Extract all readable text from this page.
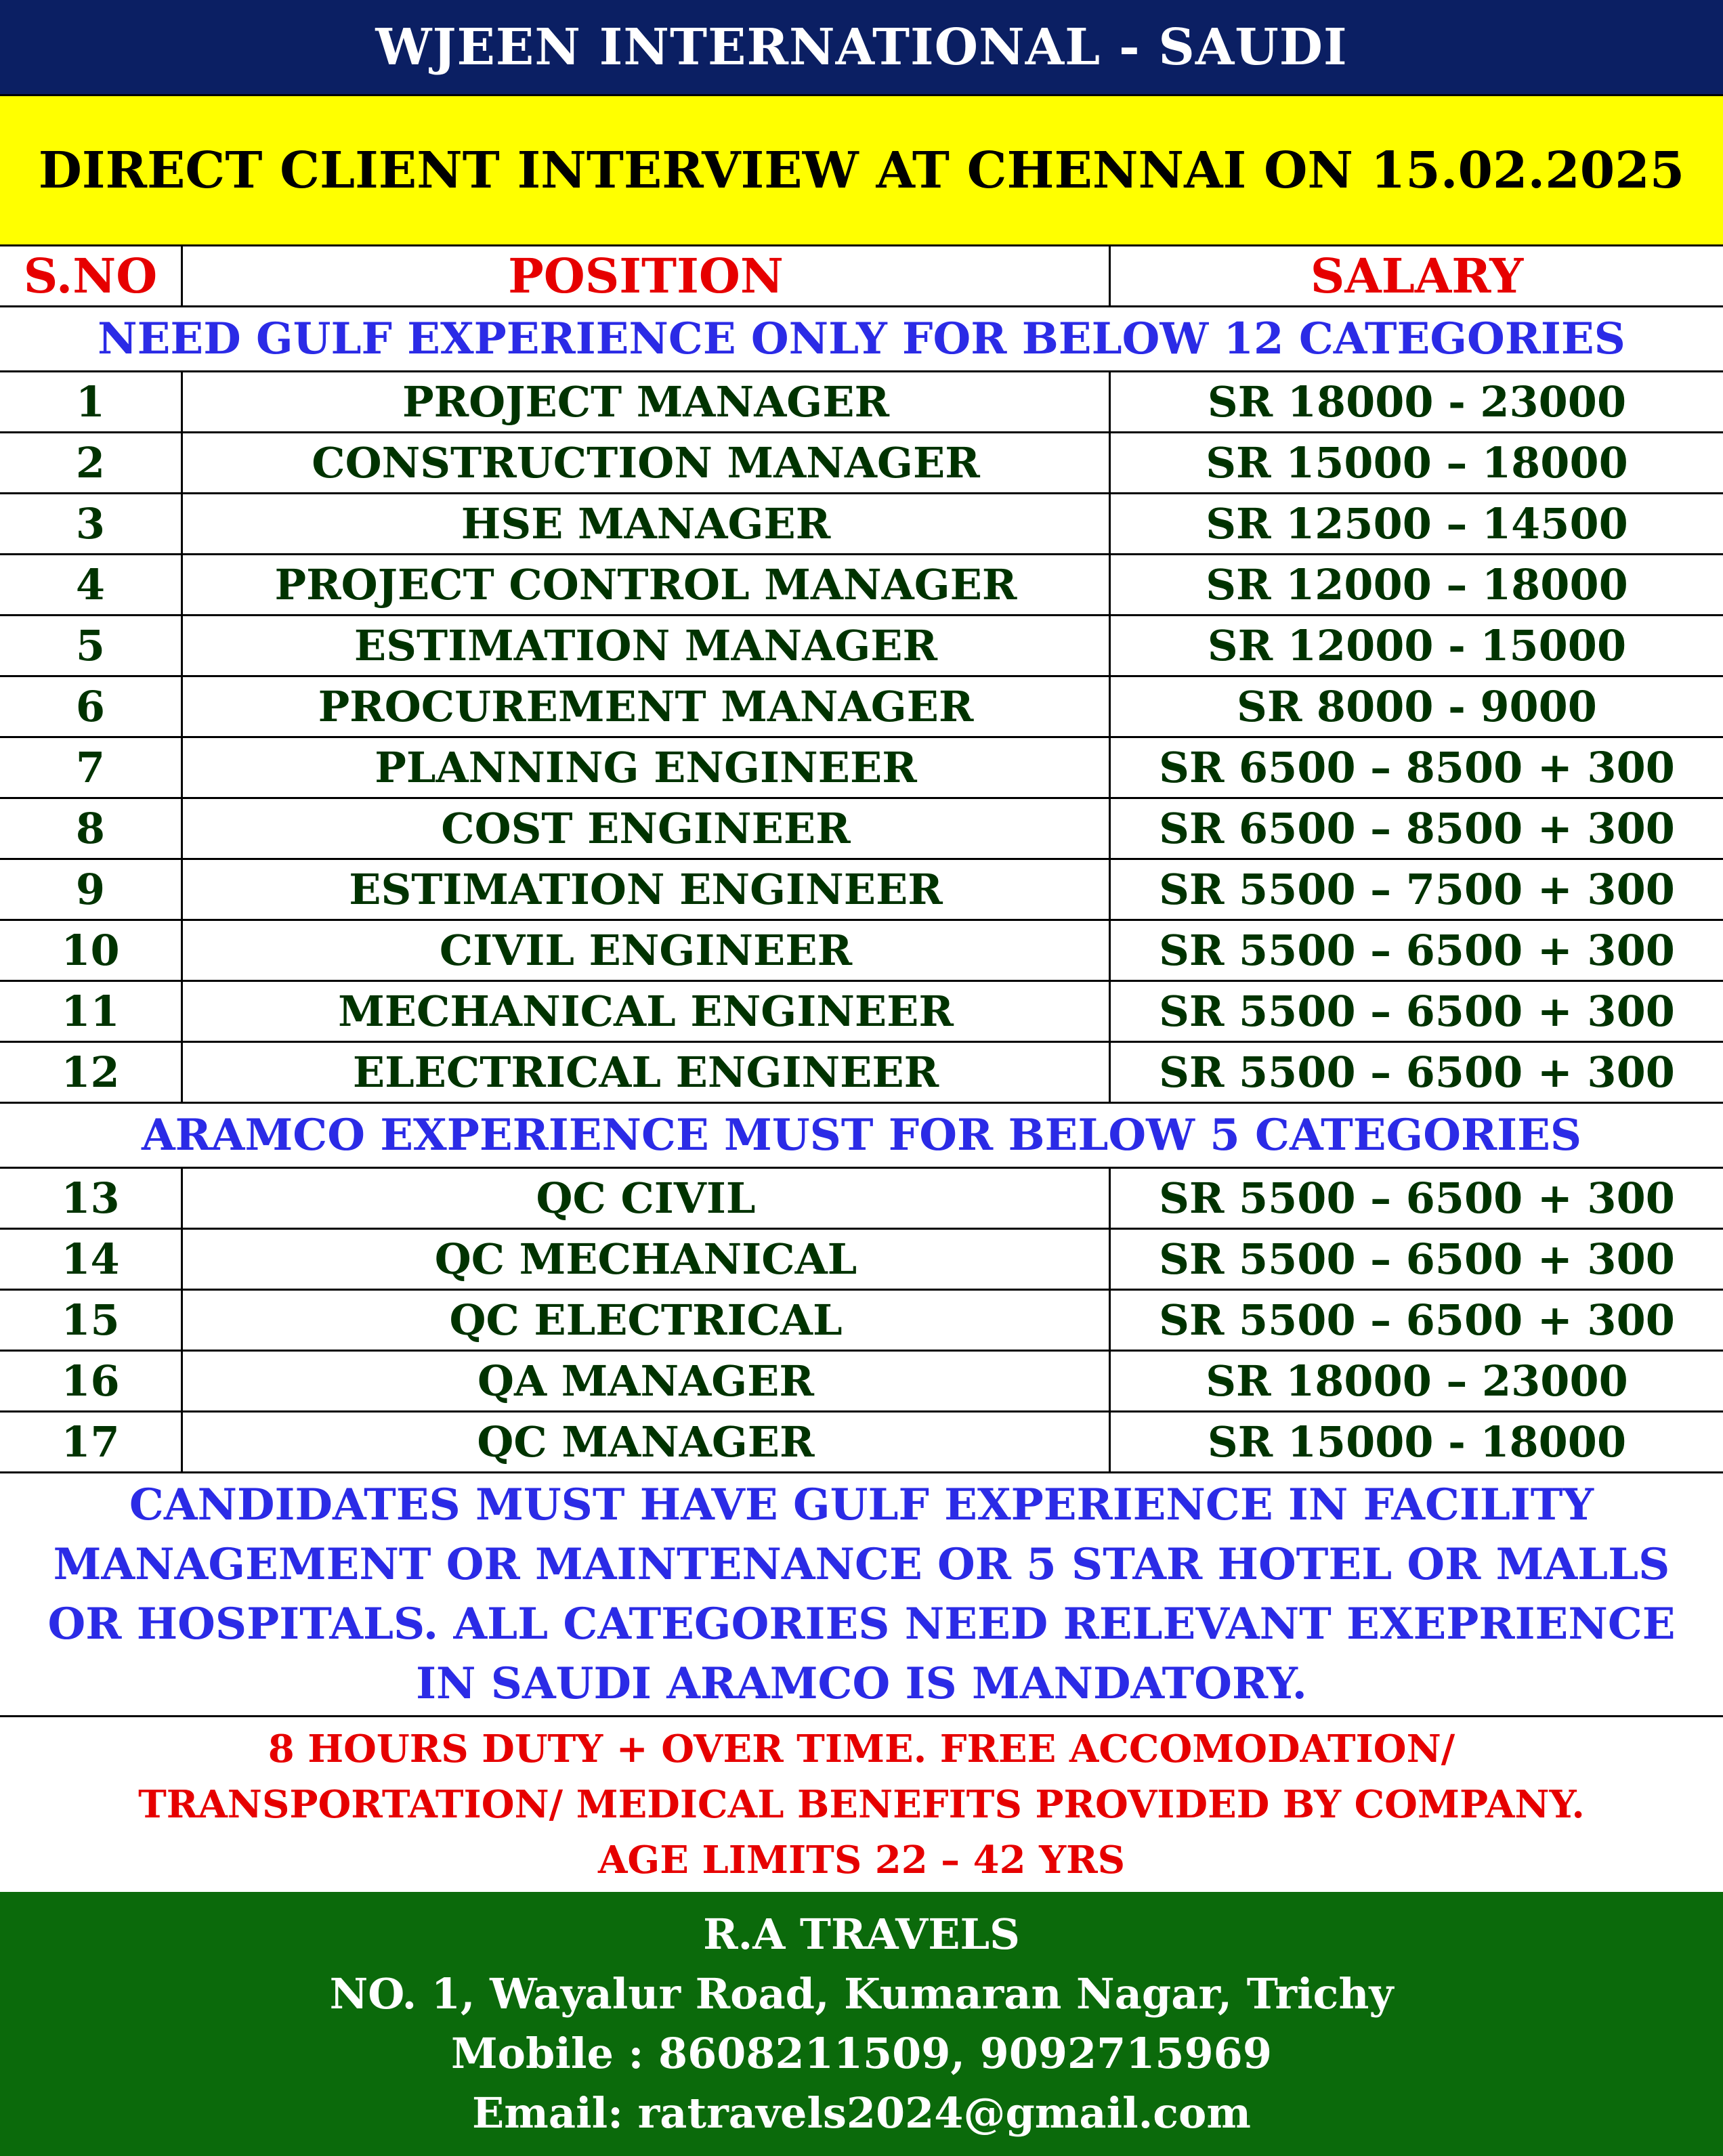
WJEEN INTERNATIONAL - SAUDI
DIRECT CLIENT INTERVIEW AT CHENNAI ON 15.02.2025
S.NO	POSITION	SALARY
NEED GULF EXPERIENCE ONLY FOR BELOW 12 CATEGORIES
1	PROJECT MANAGER	SR 18000 - 23000
2	CONSTRUCTION MANAGER	SR 15000 – 18000
3	HSE MANAGER	SR 12500 – 14500
4	PROJECT CONTROL MANAGER	SR 12000 – 18000
5	ESTIMATION MANAGER	SR 12000 - 15000
6	PROCUREMENT MANAGER	SR 8000 - 9000
7	PLANNING ENGINEER	SR 6500 – 8500 + 300
8	COST ENGINEER	SR 6500 – 8500 + 300
9	ESTIMATION ENGINEER	SR 5500 – 7500 + 300
10	CIVIL ENGINEER	SR 5500 – 6500 + 300
11	MECHANICAL ENGINEER	SR 5500 – 6500 + 300
12	ELECTRICAL ENGINEER	SR 5500 – 6500 + 300
ARAMCO EXPERIENCE MUST FOR BELOW 5 CATEGORIES
13	QC CIVIL	SR 5500 – 6500 + 300
14	QC MECHANICAL	SR 5500 – 6500 + 300
15	QC ELECTRICAL	SR 5500 – 6500 + 300
16	QA MANAGER	SR 18000 – 23000
17	QC MANAGER	SR 15000 - 18000
CANDIDATES MUST HAVE GULF EXPERIENCE IN FACILITY MANAGEMENT OR MAINTENANCE OR 5 STAR HOTEL OR MALLS OR HOSPITALS. ALL CATEGORIES NEED RELEVANT EXEPRIENCE IN SAUDI ARAMCO IS MANDATORY.
8 HOURS DUTY + OVER TIME. FREE ACCOMODATION/
TRANSPORTATION/ MEDICAL BENEFITS PROVIDED BY COMPANY.
AGE LIMITS 22 – 42 YRS
R.A TRAVELS
NO. 1, Wayalur Road, Kumaran Nagar, Trichy
Mobile : 8608211509, 9092715969
Email: ratravels2024@gmail.com
